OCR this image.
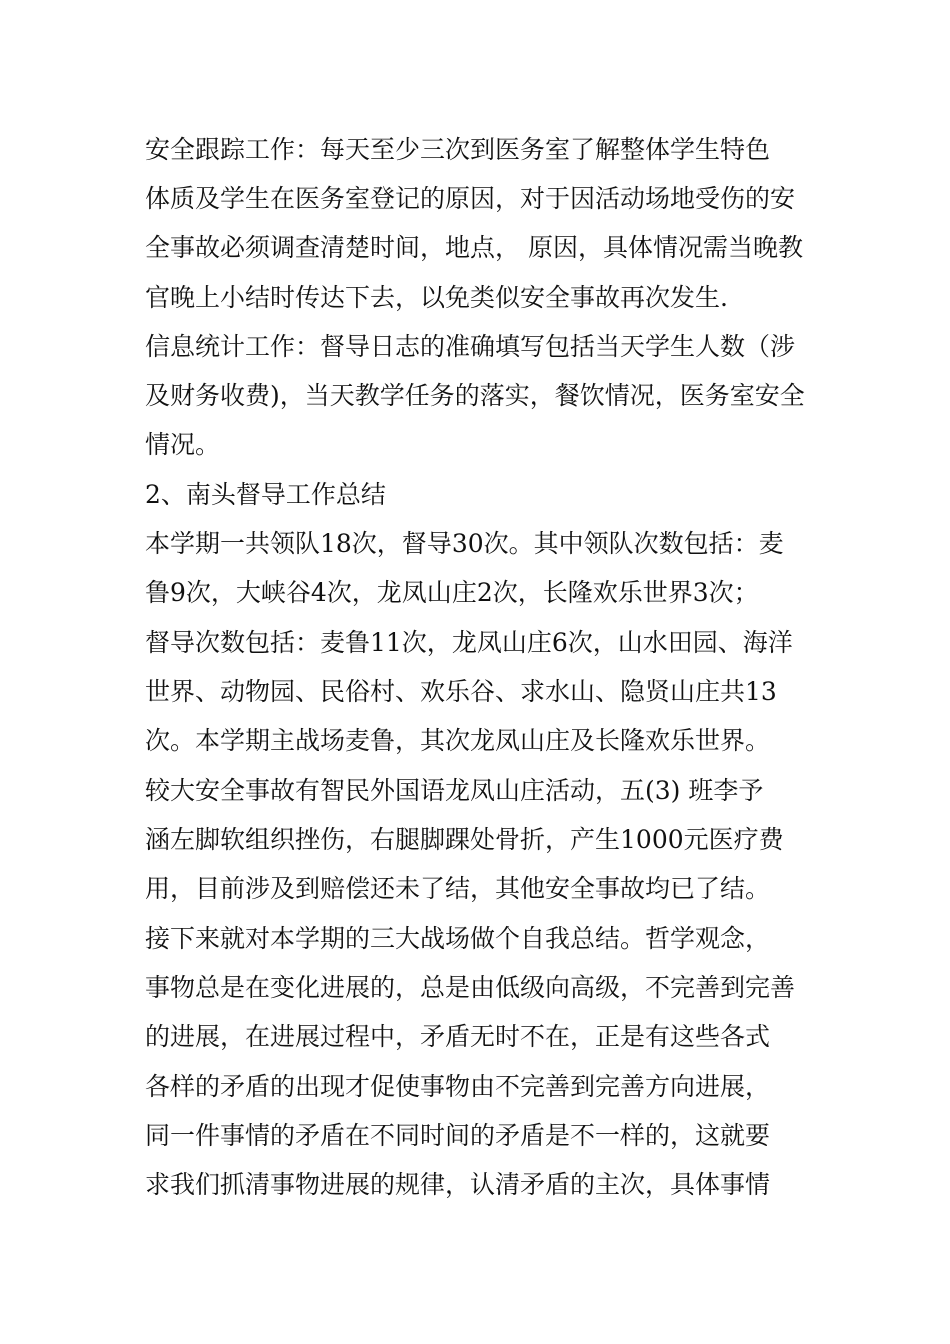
安全跟踪工作：每天至少三次到医务室了解整体学生特色
体质及学生在医务室登记的原因，对于因活动场地受伤的安
全事故必须调查清楚时间，地点， 原因，具体情况需当晚教
官晚上小结时传达下去，以免类似安全事故再次发生.
信息统计工作：督导日志的准确填写包括当天学生人数（涉
及财务收费)，当天教学任务的落实，餐饮情况，医务室安全
情况。
2、南头督导工作总结
本学期一共领队18次，督导30次。其中领队次数包括：麦
鲁9次，大峡谷4次，龙凤山庄2次，长隆欢乐世界3次；
督导次数包括：麦鲁11次，龙凤山庄6次，山水田园、海洋
世界、动物园、民俗村、欢乐谷、求水山、隐贤山庄共13
次。本学期主战场麦鲁，其次龙凤山庄及长隆欢乐世界。
较大安全事故有智民外国语龙凤山庄活动，五(3) 班李予
涵左脚软组织挫伤，右腿脚踝处骨折，产生1000元医疗费
用，目前涉及到赔偿还未了结，其他安全事故均已了结。
接下来就对本学期的三大战场做个自我总结。哲学观念，
事物总是在变化进展的，总是由低级向高级，不完善到完善
的进展，在进展过程中，矛盾无时不在，正是有这些各式
各样的矛盾的出现才促使事物由不完善到完善方向进展，
同一件事情的矛盾在不同时间的矛盾是不一样的，这就要
求我们抓清事物进展的规律，认清矛盾的主次，具体事情
